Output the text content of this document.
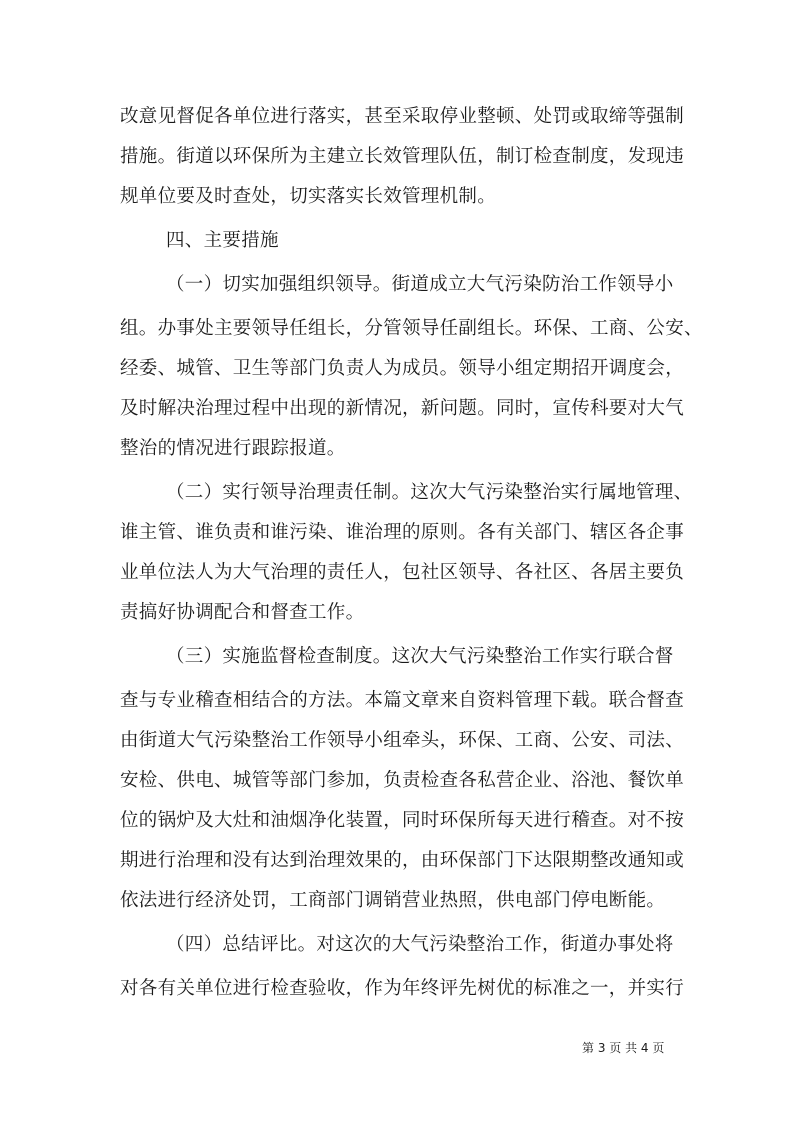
改意见督促各单位进行落实，甚至采取停业整顿、处罚或取缔等强制
措施。街道以环保所为主建立长效管理队伍，制订检查制度，发现违
规单位要及时查处，切实落实长效管理机制。
四、主要措施
（一）切实加强组织领导。街道成立大气污染防治工作领导小
组。办事处主要领导任组长，分管领导任副组长。环保、工商、公安、
经委、城管、卫生等部门负责人为成员。领导小组定期招开调度会，
及时解决治理过程中出现的新情况，新问题。同时，宣传科要对大气
整治的情况进行跟踪报道。
（二）实行领导治理责任制。这次大气污染整治实行属地管理、
谁主管、谁负责和谁污染、谁治理的原则。各有关部门、辖区各企事
业单位法人为大气治理的责任人，包社区领导、各社区、各居主要负
责搞好协调配合和督查工作。
（三）实施监督检查制度。这次大气污染整治工作实行联合督
查与专业稽查相结合的方法。本篇文章来自资料管理下载。联合督查
由街道大气污染整治工作领导小组牵头，环保、工商、公安、司法、
安检、供电、城管等部门参加，负责检查各私营企业、浴池、餐饮单
位的锅炉及大灶和油烟净化装置，同时环保所每天进行稽查。对不按
期进行治理和没有达到治理效果的，由环保部门下达限期整改通知或
依法进行经济处罚，工商部门调销营业热照，供电部门停电断能。
（四）总结评比。对这次的大气污染整治工作，街道办事处将
对各有关单位进行检查验收，作为年终评先树优的标准之一，并实行
第 3 页 共 4 页
